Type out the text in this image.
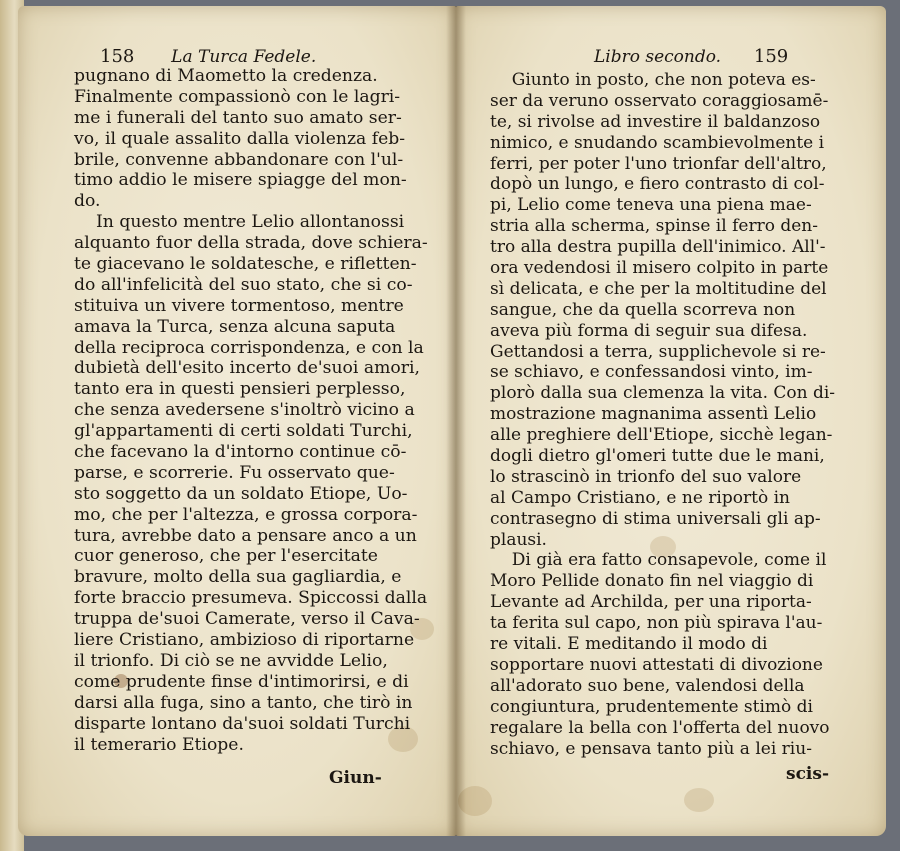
158 La Turca Fedele.
pugnano di Maometto la credenza.
Finalmente compassionò con le lagri-
me i funerali del tanto suo amato ser-
vo, il quale assalito dalla violenza feb-
brile, convenne abbandonare con l'ul-
timo addio le misere spiagge del mon-
do.
In questo mentre Lelio allontanossi
alquanto fuor della strada, dove schiera-
te giacevano le soldatesche, e rifletten-
do all'infelicità del suo stato, che si co-
stituiva un vivere tormentoso, mentre
amava la Turca, senza alcuna saputa
della reciproca corrispondenza, e con la
dubietà dell'esito incerto de'suoi amori,
tanto era in questi pensieri perplesso,
che senza avedersene s'inoltrò vicino a
gl'appartamenti di certi soldati Turchi,
che facevano la d'intorno continue cō-
parse, e scorrerie. Fu osservato que-
sto soggetto da un soldato Etiope, Uo-
mo, che per l'altezza, e grossa corpora-
tura, avrebbe dato a pensare anco a un
cuor generoso, che per l'esercitate
bravure, molto della sua gagliardia, e
forte braccio presumeva. Spiccossi dalla
truppa de'suoi Camerate, verso il Cava-
liere Cristiano, ambizioso di riportarne
il trionfo. Di ciò se ne avvidde Lelio,
come prudente finse d'intimorirsi, e di
darsi alla fuga, sino a tanto, che tirò in
disparte lontano da'suoi soldati Turchi
il temerario Etiope.
Giun-
Libro secondo. 159
Giunto in posto, che non poteva es-
ser da veruno osservato coraggiosamē-
te, si rivolse ad investire il baldanzoso
nimico, e snudando scambievolmente i
ferri, per poter l'uno trionfar dell'altro,
dopò un lungo, e fiero contrasto di col-
pi, Lelio come teneva una piena mae-
stria alla scherma, spinse il ferro den-
tro alla destra pupilla dell'inimico. All'-
ora vedendosi il misero colpito in parte
sì delicata, e che per la moltitudine del
sangue, che da quella scorreva non
aveva più forma di seguir sua difesa.
Gettandosi a terra, supplichevole si re-
se schiavo, e confessandosi vinto, im-
plorò dalla sua clemenza la vita. Con di-
mostrazione magnanima assentì Lelio
alle preghiere dell'Etiope, sicchè legan-
dogli dietro gl'omeri tutte due le mani,
lo strascinò in trionfo del suo valore
al Campo Cristiano, e ne riportò in
contrasegno di stima universali gli ap-
plausi.
Di già era fatto consapevole, come il
Moro Pellide donato fin nel viaggio di
Levante ad Archilda, per una riporta-
ta ferita sul capo, non più spirava l'au-
re vitali. E meditando il modo di
sopportare nuovi attestati di divozione
all'adorato suo bene, valendosi della
congiuntura, prudentemente stimò di
regalare la bella con l'offerta del nuovo
schiavo, e pensava tanto più a lei riu-
scis-
